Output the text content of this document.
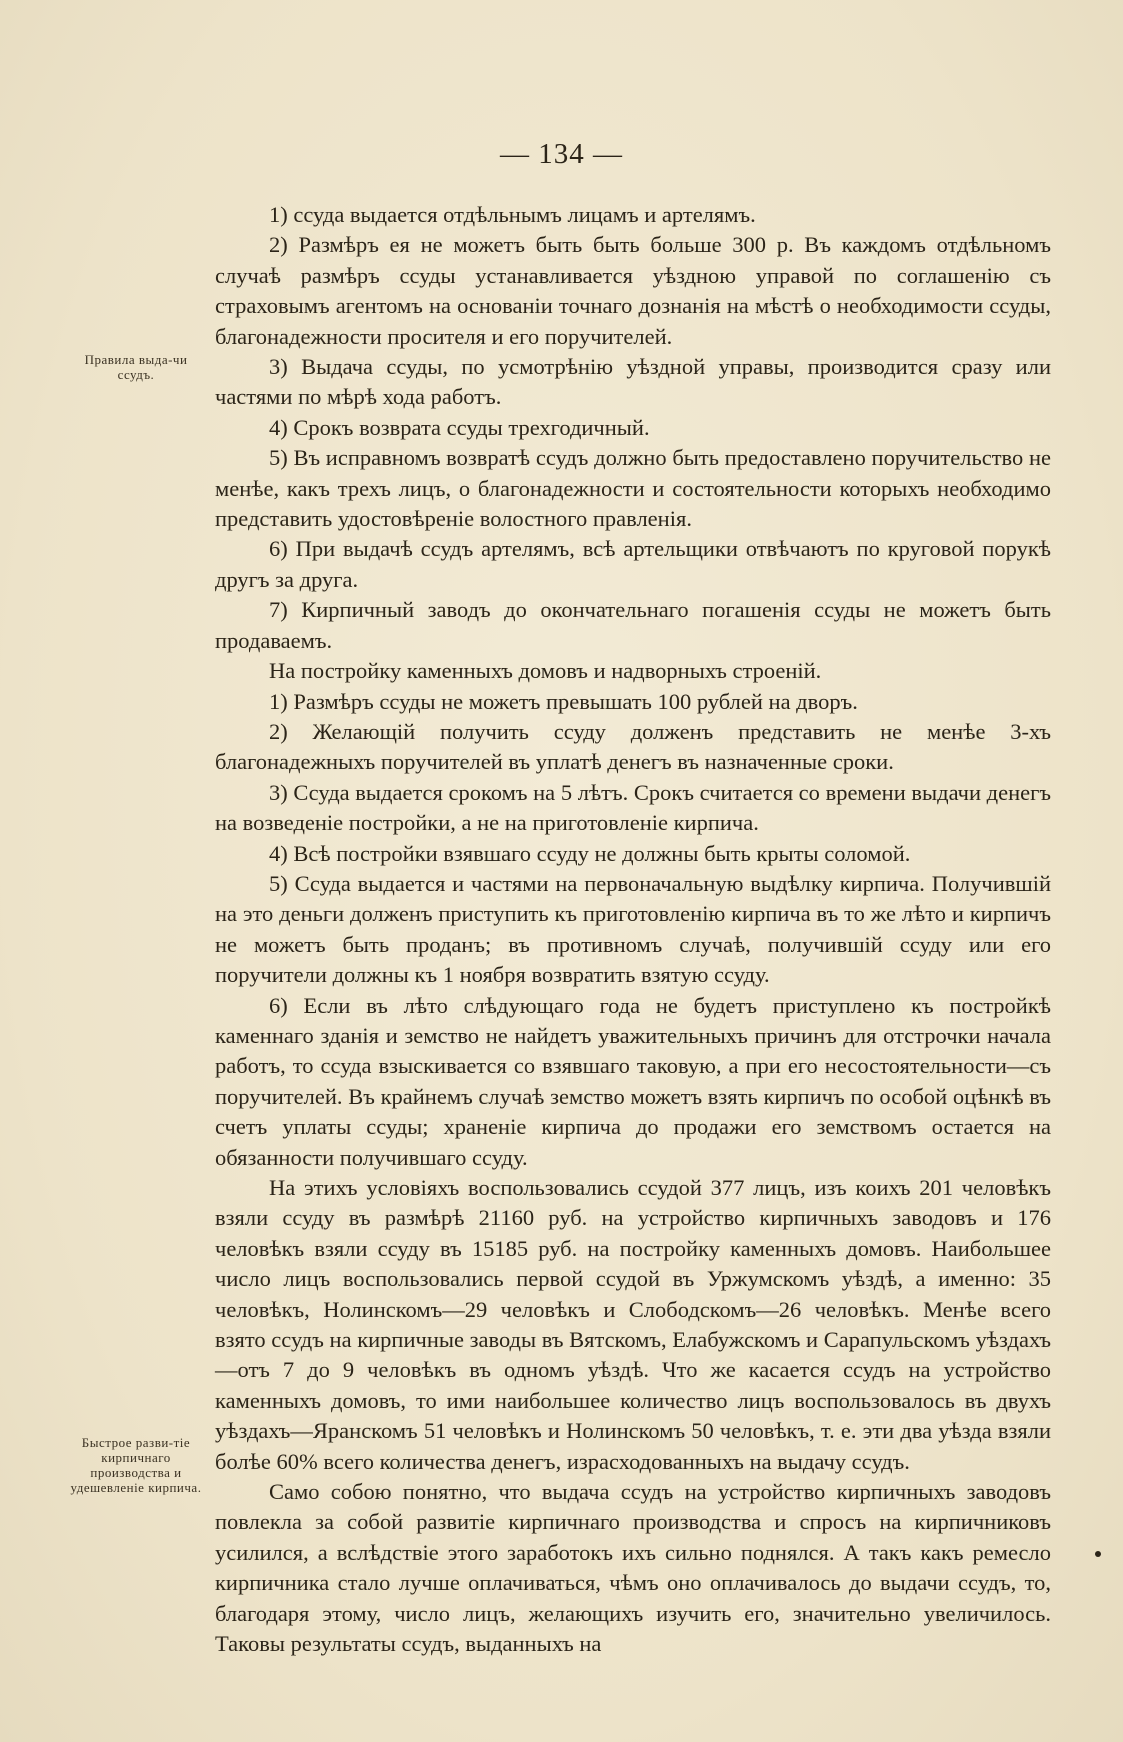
— 134 —
Правила выда-чи ссудъ.
Быстрое разви-тіе кирпичнаго производства и удешевленіе кирпича.

1) ссуда выдается отдѣльнымъ лицамъ и артелямъ.

2) Размѣръ ея не можетъ быть быть больше 300 р. Въ каждомъ отдѣльномъ случаѣ размѣръ ссуды устанавливается уѣздною управой по соглашенію съ страховымъ агентомъ на основаніи точнаго дознанія на мѣстѣ о необходимости ссуды, благонадежности просителя и его поручителей.

3) Выдача ссуды, по усмотрѣнію уѣздной управы, производится сразу или частями по мѣрѣ хода работъ.

4) Срокъ возврата ссуды трехгодичный.

5) Въ исправномъ возвратѣ ссудъ должно быть предоставлено поручительство не менѣе, какъ трехъ лицъ, о благонадежности и состоятельности которыхъ необходимо представить удостовѣреніе волостного правленія.

6) При выдачѣ ссудъ артелямъ, всѣ артельщики отвѣчаютъ по круговой порукѣ другъ за друга.

7) Кирпичный заводъ до окончательнаго погашенія ссуды не можетъ быть продаваемъ.

На постройку каменныхъ домовъ и надворныхъ строеній.

1) Размѣръ ссуды не можетъ превышать 100 рублей на дворъ.

2) Желающій получить ссуду долженъ представить не менѣе 3-хъ благонадежныхъ поручителей въ уплатѣ денегъ въ назначенные сроки.

3) Ссуда выдается срокомъ на 5 лѣтъ. Срокъ считается со времени выдачи денегъ на возведеніе постройки, а не на приготовленіе кирпича.

4) Всѣ постройки взявшаго ссуду не должны быть крыты соломой.

5) Ссуда выдается и частями на первоначальную выдѣлку кирпича. Получившій на это деньги долженъ приступить къ приготовленію кирпича въ то же лѣто и кирпичъ не можетъ быть проданъ; въ противномъ случаѣ, получившій ссуду или его поручители должны къ 1 ноября возвратить взятую ссуду.

6) Если въ лѣто слѣдующаго года не будетъ приступлено къ постройкѣ каменнаго зданія и земство не найдетъ уважительныхъ причинъ для отстрочки начала работъ, то ссуда взыскивается со взявшаго таковую, а при его несостоятельности—съ поручителей. Въ крайнемъ случаѣ земство можетъ взять кирпичъ по особой оцѣнкѣ въ счетъ уплаты ссуды; храненіе кирпича до продажи его земствомъ остается на обязанности получившаго ссуду.

На этихъ условіяхъ воспользовались ссудой 377 лицъ, изъ коихъ 201 человѣкъ взяли ссуду въ размѣрѣ 21160 руб. на устройство кирпичныхъ заводовъ и 176 человѣкъ взяли ссуду въ 15185 руб. на постройку каменныхъ домовъ. Наибольшее число лицъ воспользовались первой ссудой въ Уржумскомъ уѣздѣ, а именно: 35 человѣкъ, Нолинскомъ—29 человѣкъ и Слободскомъ—26 человѣкъ. Менѣе всего взято ссудъ на кирпичные заводы въ Вятскомъ, Елабужскомъ и Сарапульскомъ уѣздахъ—отъ 7 до 9 человѣкъ въ одномъ уѣздѣ. Что же касается ссудъ на устройство каменныхъ домовъ, то ими наибольшее количество лицъ воспользовалось въ двухъ уѣздахъ—Яранскомъ 51 человѣкъ и Нолинскомъ 50 человѣкъ, т. е. эти два уѣзда взяли болѣе 60% всего количества денегъ, израсходованныхъ на выдачу ссудъ.

Само собою понятно, что выдача ссудъ на устройство кирпичныхъ заводовъ повлекла за собой развитіе кирпичнаго производства и спросъ на кирпичниковъ усилился, а вслѣдствіе этого заработокъ ихъ сильно поднялся. А такъ какъ ремесло кирпичника стало лучше оплачиваться, чѣмъ оно оплачивалось до выдачи ссудъ, то, благодаря этому, число лицъ, желающихъ изучить его, значительно увеличилось. Таковы результаты ссудъ, выданныхъ на
